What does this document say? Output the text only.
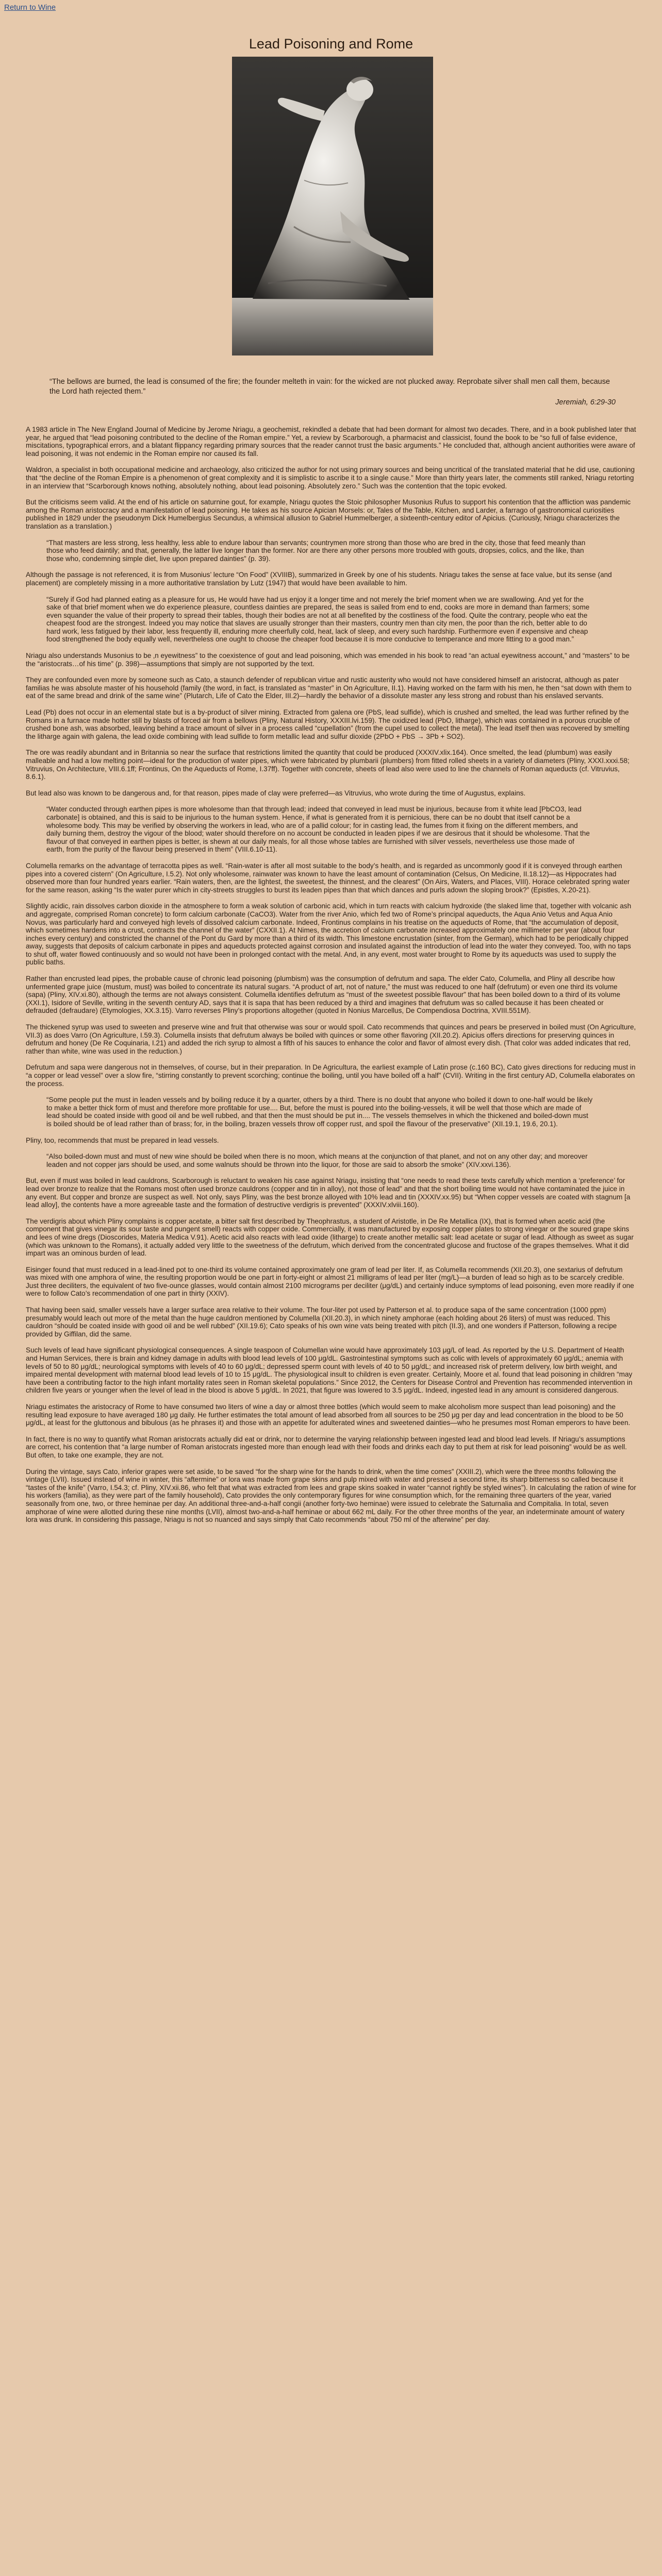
Return to Wine
Lead Poisoning and Rome
“The bellows are burned, the lead is consumed of the fire; the founder melteth in vain: for the wicked are not plucked away. Reprobate silver shall men call them, because the Lord hath rejected them.”
Jeremiah, 6:29-30

A 1983 article in The New England Journal of Medicine by Jerome Nriagu, a geochemist, rekindled a debate that had been dormant for almost two decades. There, and in a book published later that year, he argued that “lead poisoning contributed to the decline of the Roman empire.” Yet, a review by Scarborough, a pharmacist and classicist, found the book to be “so full of false evidence, miscitations, typographical errors, and a blatant flippancy regarding primary sources that the reader cannot trust the basic arguments.” He concluded that, although ancient authorities were aware of lead poisoning, it was not endemic in the Roman empire nor caused its fall.

Waldron, a specialist in both occupational medicine and archaeology, also criticized the author for not using primary sources and being uncritical of the translated material that he did use, cautioning that “the decline of the Roman Empire is a phenomenon of great complexity and it is simplistic to ascribe it to a single cause.” More than thirty years later, the comments still ranked, Nriagu retorting in an interview that “Scarborough knows nothing, absolutely nothing, about lead poisoning. Absolutely zero.” Such was the contention that the topic evoked.

But the criticisms seem valid. At the end of his article on saturnine gout, for example, Nriagu quotes the Stoic philosopher Musonius Rufus to support his contention that the affliction was pandemic among the Roman aristocracy and a manifestation of lead poisoning. He takes as his source Apician Morsels: or, Tales of the Table, Kitchen, and Larder, a farrago of gastronomical curiosities published in 1829 under the pseudonym Dick Humelbergius Secundus, a whimsical allusion to Gabriel Hummelberger, a sixteenth-century editor of Apicius. (Curiously, Nriagu characterizes the translation as a translation.)

“That masters are less strong, less healthy, less able to endure labour than servants; countrymen more strong than those who are bred in the city, those that feed meanly than those who feed daintily; and that, generally, the latter live longer than the former. Nor are there any other persons more troubled with gouts, dropsies, colics, and the like, than those who, condemning simple diet, live upon prepared dainties” (p. 39).

Although the passage is not referenced, it is from Musonius’ lecture “On Food” (XVIIIB), summarized in Greek by one of his students. Nriagu takes the sense at face value, but its sense (and placement) are completely missing in a more authoritative translation by Lutz (1947) that would have been available to him.

“Surely if God had planned eating as a pleasure for us, He would have had us enjoy it a longer time and not merely the brief moment when we are swallowing. And yet for the sake of that brief moment when we do experience pleasure, countless dainties are prepared, the seas is sailed from end to end, cooks are more in demand than farmers; some even squander the value of their property to spread their tables, though their bodies are not at all benefited by the costliness of the food. Quite the contrary, people who eat the cheapest food are the strongest. Indeed you may notice that slaves are usually stronger than their masters, country men than city men, the poor than the rich, better able to do hard work, less fatigued by their labor, less frequently ill, enduring more cheerfully cold, heat, lack of sleep, and every such hardship. Furthermore even if expensive and cheap food strengthened the body equally well, nevertheless one ought to choose the cheaper food because it is more conducive to temperance and more fitting to a good man.”

Nriagu also understands Musonius to be ‚n eyewitness” to the coexistence of gout and lead poisoning, which was emended in his book to read “an actual eyewitness account,” and “masters” to be the “aristocrats…of his time” (p. 398)—assumptions that simply are not supported by the text.

They are confounded even more by someone such as Cato, a staunch defender of republican virtue and rustic austerity who would not have considered himself an aristocrat, although as pater familias he was absolute master of his household (family (the word, in fact, is translated as “master” in On Agriculture, II.1). Having worked on the farm with his men, he then “sat down with them to eat of the same bread and drink of the same wine” (Plutarch, Life of Cato the Elder, III.2)—hardly the behavior of a dissolute master any less strong and robust than his enslaved servants.

Lead (Pb) does not occur in an elemental state but is a by-product of silver mining. Extracted from galena ore (PbS, lead sulfide), which is crushed and smelted, the lead was further refined by the Romans in a furnace made hotter still by blasts of forced air from a bellows (Pliny, Natural History, XXXIII.lvi.159). The oxidized lead (PbO, litharge), which was contained in a porous crucible of crushed bone ash, was absorbed, leaving behind a trace amount of silver in a process called “cupellation” (from the cupel used to collect the metal). The lead itself then was recovered by smelting the litharge again with galena, the lead oxide combining with lead sulfide to form metallic lead and sulfur dioxide (2PbO + PbS → 3Pb + SO2).

The ore was readily abundant and in Britannia so near the surface that restrictions limited the quantity that could be produced (XXXIV.xlix.164). Once smelted, the lead (plumbum) was easily malleable and had a low melting point—ideal for the production of water pipes, which were fabricated by plumbarii (plumbers) from fitted rolled sheets in a variety of diameters (Pliny, XXXI.xxxi.58; Vitruvius, On Architecture, VIII.6.1ff; Frontinus, On the Aqueducts of Rome, I.37ff). Together with concrete, sheets of lead also were used to line the channels of Roman aqueducts (cf. Vitruvius, 8.6.1).

But lead also was known to be dangerous and, for that reason, pipes made of clay were preferred—as Vitruvius, who wrote during the time of Augustus, explains.

“Water conducted through earthen pipes is more wholesome than that through lead; indeed that conveyed in lead must be injurious, because from it white lead [PbCO3, lead carbonate] is obtained, and this is said to be injurious to the human system. Hence, if what is generated from it is pernicious, there can be no doubt that itself cannot be a wholesome body. This may be verified by observing the workers in lead, who are of a pallid colour; for in casting lead, the fumes from it fixing on the different members, and daily burning them, destroy the vigour of the blood; water should therefore on no account be conducted in leaden pipes if we are desirous that it should be wholesome. That the flavour of that conveyed in earthen pipes is better, is shewn at our daily meals, for all those whose tables are furnished with silver vessels, nevertheless use those made of earth, from the purity of the flavour being preserved in them” (VIII.6.10-11).

Columella remarks on the advantage of terracotta pipes as well. “Rain-water is after all most suitable to the body’s health, and is regarded as uncommonly good if it is conveyed through earthen pipes into a covered cistern” (On Agriculture, I.5.2). Not only wholesome, rainwater was known to have the least amount of contamination (Celsus, On Medicine, II.18.12)—as Hippocrates had observed more than four hundred years earlier. “Rain waters, then, are the lightest, the sweetest, the thinnest, and the clearest” (On Airs, Waters, and Places, VIII). Horace celebrated spring water for the same reason, asking “Is the water purer which in city-streets struggles to burst its leaden pipes than that which dances and purls adown the sloping brook?” (Epistles, X.20-21).

Slightly acidic, rain dissolves carbon dioxide in the atmosphere to form a weak solution of carbonic acid, which in turn reacts with calcium hydroxide (the slaked lime that, together with volcanic ash and aggregate, comprised Roman concrete) to form calcium carbonate (CaCO3). Water from the river Anio, which fed two of Rome’s principal aqueducts, the Aqua Anio Vetus and Aqua Anio Novus, was particularly hard and conveyed high levels of dissolved calcium carbonate. Indeed, Frontinus complains in his treatise on the aqueducts of Rome, that “the accumulation of deposit, which sometimes hardens into a crust, contracts the channel of the water” (CXXII.1). At Nimes, the accretion of calcium carbonate increased approximately one millimeter per year (about four inches every century) and constricted the channel of the Pont du Gard by more than a third of its width. This limestone encrustation (sinter, from the German), which had to be periodically chipped away, suggests that deposits of calcium carbonate in pipes and aqueducts protected against corrosion and insulated against the introduction of lead into the water they conveyed. Too, with no taps to shut off, water flowed continuously and so would not have been in prolonged contact with the metal. And, in any event, most water brought to Rome by its aqueducts was used to supply the public baths.

Rather than encrusted lead pipes, the probable cause of chronic lead poisoning (plumbism) was the consumption of defrutum and sapa. The elder Cato, Columella, and Pliny all describe how unfermented grape juice (mustum, must) was boiled to concentrate its natural sugars. “A product of art, not of nature,” the must was reduced to one half (defrutum) or even one third its volume (sapa) (Pliny, XIV.xi.80), although the terms are not always consistent. Columella identifies defrutum as “must of the sweetest possible flavour” that has been boiled down to a third of its volume (XXI.1), Isidore of Seville, writing in the seventh century AD, says that it is sapa that has been reduced by a third and imagines that defrutum was so called because it has been cheated or defrauded (defraudare) (Etymologies, XX.3.15). Varro reverses Pliny’s proportions altogether (quoted in Nonius Marcellus, De Compendiosa Doctrina, XVIII.551M).

The thickened syrup was used to sweeten and preserve wine and fruit that otherwise was sour or would spoil. Cato recommends that quinces and pears be preserved in boiled must (On Agriculture, VII.3) as does Varro (On Agriculture, I.59.3). Columella insists that defrutum always be boiled with quinces or some other flavoring (XII.20.2). Apicius offers directions for preserving quinces in defrutum and honey (De Re Coquinaria, I.21) and added the rich syrup to almost a fifth of his sauces to enhance the color and flavor of almost every dish. (That color was added indicates that red, rather than white, wine was used in the reduction.)

Defrutum and sapa were dangerous not in themselves, of course, but in their preparation. In De Agricultura, the earliest example of Latin prose (c.160 BC), Cato gives directions for reducing must in “a copper or lead vessel” over a slow fire, “stirring constantly to prevent scorching; continue the boiling, until you have boiled off a half” (CVII). Writing in the first century AD, Columella elaborates on the process.

“Some people put the must in leaden vessels and by boiling reduce it by a quarter, others by a third. There is no doubt that anyone who boiled it down to one-half would be likely to make a better thick form of must and therefore more profitable for use.... But, before the must is poured into the boiling-vessels, it will be well that those which are made of lead should be coated inside with good oil and be well rubbed, and that then the must should be put in.... The vessels themselves in which the thickened and boiled-down must is boiled should be of lead rather than of brass; for, in the boiling, brazen vessels throw off copper rust, and spoil the flavour of the preservative” (XII.19.1, 19.6, 20.1).

Pliny, too, recommends that must be prepared in lead vessels.

“Also boiled-down must and must of new wine should be boiled when there is no moon, which means at the conjunction of that planet, and not on any other day; and moreover leaden and not copper jars should be used, and some walnuts should be thrown into the liquor, for those are said to absorb the smoke” (XIV.xxvi.136).

But, even if must was boiled in lead cauldrons, Scarborough is reluctant to weaken his case against Nriagu, insisting that “one needs to read these texts carefully which mention a ‘preference’ for lead over bronze to realize that the Romans most often used bronze cauldrons (copper and tin in alloy), not those of lead” and that the short boiling time would not have contaminated the juice in any event. But copper and bronze are suspect as well. Not only, says Pliny, was the best bronze alloyed with 10% lead and tin (XXXIV.xx.95) but “When copper vessels are coated with stagnum [a lead alloy], the contents have a more agreeable taste and the formation of destructive verdigris is prevented” (XXXIV.xlviii.160).

The verdigris about which Pliny complains is copper acetate, a bitter salt first described by Theophrastus, a student of Aristotle, in De Re Metallica (IX), that is formed when acetic acid (the component that gives vinegar its sour taste and pungent smell) reacts with copper oxide. Commercially, it was manufactured by exposing copper plates to strong vinegar or the soured grape skins and lees of wine dregs (Dioscorides, Materia Medica V.91). Acetic acid also reacts with lead oxide (litharge) to create another metallic salt: lead acetate or sugar of lead. Although as sweet as sugar (which was unknown to the Romans), it actually added very little to the sweetness of the defrutum, which derived from the concentrated glucose and fructose of the grapes themselves. What it did impart was an ominous burden of lead.

Eisinger found that must reduced in a lead-lined pot to one-third its volume contained approximately one gram of lead per liter. If, as Columella recommends (XII.20.3), one sextarius of defrutum was mixed with one amphora of wine, the resulting proportion would be one part in forty-eight or almost 21 milligrams of lead per liter (mg/L)—a burden of lead so high as to be scarcely credible. Just three deciliters, the equivalent of two five-ounce glasses, would contain almost 2100 micrograms per deciliter (μg/dL) and certainly induce symptoms of lead poisoning, even more readily if one were to follow Cato’s recommendation of one part in thirty (XXIV).

That having been said, smaller vessels have a larger surface area relative to their volume. The four-liter pot used by Patterson et al. to produce sapa of the same concentration (1000 ppm) presumably would leach out more of the metal than the huge cauldron mentioned by Columella (XII.20.3), in which ninety amphorae (each holding about 26 liters) of must was reduced. This cauldron “should be coated inside with good oil and be well rubbed” (XII.19.6); Cato speaks of his own wine vats being treated with pitch (II.3), and one wonders if Patterson, following a recipe provided by Giffilan, did the same.

Such levels of lead have significant physiological consequences. A single teaspoon of Columellan wine would have approximately 103 μg/L of lead. As reported by the U.S. Department of Health and Human Services, there is brain and kidney damage in adults with blood lead levels of 100 μg/dL. Gastrointestinal symptoms such as colic with levels of approximately 60 μg/dL; anemia with levels of 50 to 80 μg/dL; neurological symptoms with levels of 40 to 60 μg/dL; depressed sperm count with levels of 40 to 50 μg/dL; and increased risk of preterm delivery, low birth weight, and impaired mental development with maternal blood lead levels of 10 to 15 μg/dL. The physiological insult to children is even greater. Certainly, Moore et al. found that lead poisoning in children “may have been a contributing factor to the high infant mortality rates seen in Roman skeletal populations.” Since 2012, the Centers for Disease Control and Prevention has recommended intervention in children five years or younger when the level of lead in the blood is above 5 μg/dL. In 2021, that figure was lowered to 3.5 μg/dL. Indeed, ingested lead in any amount is considered dangerous.

Nriagu estimates the aristocracy of Rome to have consumed two liters of wine a day or almost three bottles (which would seem to make alcoholism more suspect than lead poisoning) and the resulting lead exposure to have averaged 180 μg daily. He further estimates the total amount of lead absorbed from all sources to be 250 μg per day and lead concentration in the blood to be 50 μg/dL, at least for the gluttonous and bibulous (as he phrases it) and those with an appetite for adulterated wines and sweetened dainties—who he presumes most Roman emperors to have been.

In fact, there is no way to quantify what Roman aristocrats actually did eat or drink, nor to determine the varying relationship between ingested lead and blood lead levels. If Nriagu’s assumptions are correct, his contention that “a large number of Roman aristocrats ingested more than enough lead with their foods and drinks each day to put them at risk for lead poisoning” would be as well. But often, to take one example, they are not.

During the vintage, says Cato, inferior grapes were set aside, to be saved “for the sharp wine for the hands to drink, when the time comes” (XXIII.2), which were the three months following the vintage (LVII). Issued instead of wine in winter, this “aftermine” or lora was made from grape skins and pulp mixed with water and pressed a second time, its sharp bitterness so called because it “tastes of the knife” (Varro, I.54.3; cf. Pliny, XIV.xii.86, who felt that what was extracted from lees and grape skins soaked in water “cannot rightly be styled wines”). In calculating the ration of wine for his workers (familia), as they were part of the family household), Cato provides the only contemporary figures for wine consumption which, for the remaining three quarters of the year, varied seasonally from one, two, or three heminae per day. An additional three-and-a-half congii (another forty-two heminae) were issued to celebrate the Saturnalia and Compitalia. In total, seven amphorae of wine were allotted during these nine months (LVII), almost two-and-a-half heminae or about 662 mL daily. For the other three months of the year, an indeterminate amount of watery lora was drunk. In considering this passage, Nriagu is not so nuanced and says simply that Cato recommends “about 750 ml of the afterwine” per day.
